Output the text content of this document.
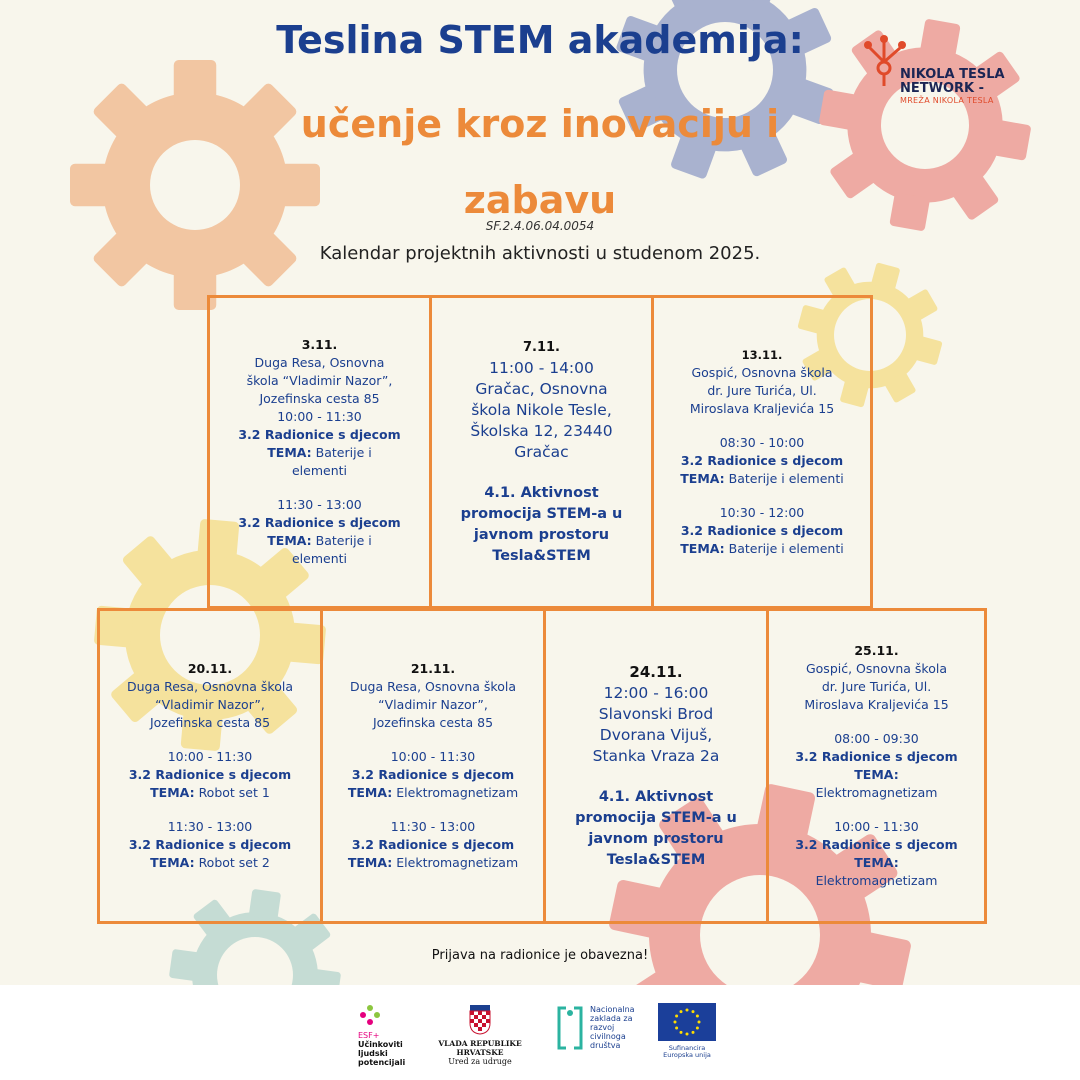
NIKOLA TESLA
NETWORK -
MREŽA NIKOLA TESLA
Teslina STEM akademija:
učenje kroz inovaciju i zabavu
SF.2.4.06.04.0054
Kalendar projektnih aktivnosti u studenom 2025.
3.11.
Duga Resa, Osnovna
škola “Vladimir Nazor”,
Jozefinska cesta 85
10:00 - 11:30
3.2 Radionice s djecom
TEMA: Baterije i
elementi
11:30 - 13:00
3.2 Radionice s djecom
TEMA: Baterije i
elementi
7.11.
11:00 - 14:00
Gračac, Osnovna
škola Nikole Tesle,
Školska 12, 23440
Gračac
4.1. Aktivnost
promocija STEM-a u
javnom prostoru
Tesla&STEM
13.11.
Gospić, Osnovna škola
dr. Jure Turića, Ul.
Miroslava Kraljevića 15
08:30 - 10:00
3.2 Radionice s djecom
TEMA: Baterije i elementi
10:30 - 12:00
3.2 Radionice s djecom
TEMA: Baterije i elementi
20.11.
Duga Resa, Osnovna škola
“Vladimir Nazor”,
Jozefinska cesta 85
10:00 - 11:30
3.2 Radionice s djecom
TEMA: Robot set 1
11:30 - 13:00
3.2 Radionice s djecom
TEMA: Robot set 2
21.11.
Duga Resa, Osnovna škola
“Vladimir Nazor”,
Jozefinska cesta 85
10:00 - 11:30
3.2 Radionice s djecom
TEMA: Elektromagnetizam
11:30 - 13:00
3.2 Radionice s djecom
TEMA: Elektromagnetizam
24.11.
12:00 - 16:00
Slavonski Brod
Dvorana Vijuš,
Stanka Vraza 2a
4.1. Aktivnost
promocija STEM-a u
javnom prostoru
Tesla&STEM
25.11.
Gospić, Osnovna škola
dr. Jure Turića, Ul.
Miroslava Kraljevića 15
08:00 - 09:30
3.2 Radionice s djecom
TEMA:
Elektromagnetizam
10:00 - 11:30
3.2 Radionice s djecom
TEMA:
Elektromagnetizam
Prijava na radionice je obavezna!
ESF+
Učinkoviti
ljudski
potencijali
VLADA REPUBLIKE HRVATSKE
Ured za udruge
Nacionalna
zaklada za
razvoj
civilnoga
društva	Sufinancira
Europska unija
